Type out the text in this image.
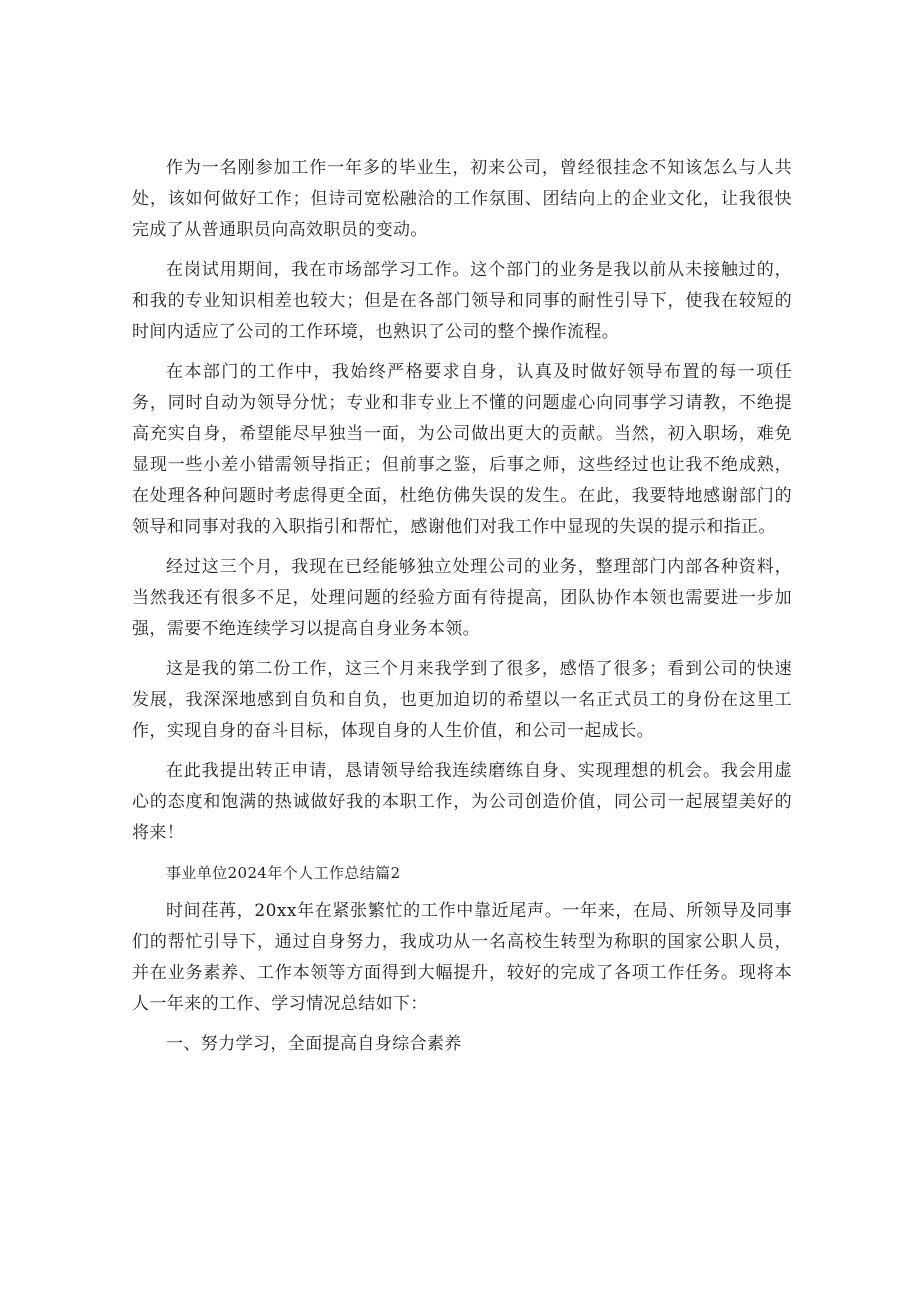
作为一名刚参加工作一年多的毕业生，初来公司，曾经很挂念不知该怎么与人共处，该如何做好工作；但诗司宽松融洽的工作氛围、团结向上的企业文化，让我很快完成了从普通职员向高效职员的变动。

在岗试用期间，我在市场部学习工作。这个部门的业务是我以前从未接触过的，和我的专业知识相差也较大；但是在各部门领导和同事的耐性引导下，使我在较短的时间内适应了公司的工作环境，也熟识了公司的整个操作流程。

在本部门的工作中，我始终严格要求自身，认真及时做好领导布置的每一项任务，同时自动为领导分忧；专业和非专业上不懂的问题虚心向同事学习请教，不绝提高充实自身，希望能尽早独当一面，为公司做出更大的贡献。当然，初入职场，难免显现一些小差小错需领导指正；但前事之鉴，后事之师，这些经过也让我不绝成熟，在处理各种问题时考虑得更全面，杜绝仿佛失误的发生。在此，我要特地感谢部门的领导和同事对我的入职指引和帮忙，感谢他们对我工作中显现的失误的提示和指正。

经过这三个月，我现在已经能够独立处理公司的业务，整理部门内部各种资料，当然我还有很多不足，处理问题的经验方面有待提高，团队协作本领也需要进一步加强，需要不绝连续学习以提高自身业务本领。

这是我的第二份工作，这三个月来我学到了很多，感悟了很多；看到公司的快速发展，我深深地感到自负和自负，也更加迫切的希望以一名正式员工的身份在这里工作，实现自身的奋斗目标，体现自身的人生价值，和公司一起成长。

在此我提出转正申请，恳请领导给我连续磨练自身、实现理想的机会。我会用虚心的态度和饱满的热诚做好我的本职工作，为公司创造价值，同公司一起展望美好的将来！

事业单位2024年个人工作总结篇2

时间荏苒，20xx年在紧张繁忙的工作中靠近尾声。一年来，在局、所领导及同事们的帮忙引导下，通过自身努力，我成功从一名高校生转型为称职的国家公职人员，并在业务素养、工作本领等方面得到大幅提升，较好的完成了各项工作任务。现将本人一年来的工作、学习情况总结如下：

一、努力学习，全面提高自身综合素养
